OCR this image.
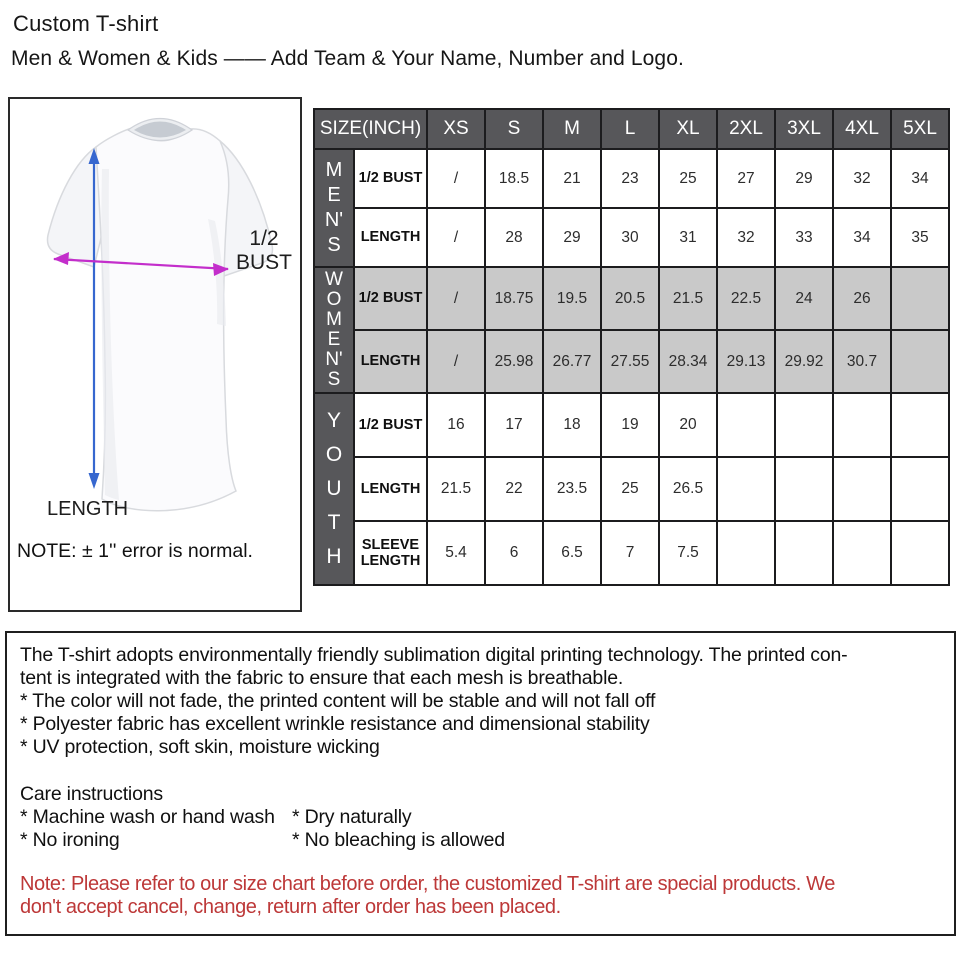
Custom T-shirt
Men & Women & Kids —— Add Team & Your Name, Number and Logo.
1/2
BUST
LENGTH
NOTE: ± 1'' error is normal.
SIZE(INCH)		XS	S	M	L	XL	2XL	3XL	4XL	5XL

M
E
N'
S	1/2 BUST	/	18.5	21	23	25	27	29	32	34
	LENGTH	/	28	29	30	31	32	33	34	35

W
O
M
E
N'
S
	1/2 BUST	/	18.75	19.5	20.5	21.5	22.5	24	26	
	LENGTH	/	25.98	26.77	27.55	28.34	29.13	29.92	30.7	

Y
O
U
T
H	1/2 BUST	16	17	18	19	20				
	LENGTH	21.5	22	23.5	25	26.5				
	SLEEVE LENGTH	5.4	6	6.5	7	7.5				
The T-shirt adopts environmentally friendly sublimation digital printing technology. The printed con-
tent is integrated with the fabric to ensure that each mesh is breathable.
* The color will not fade, the printed content will be stable and will not fall off
* Polyester fabric has excellent wrinkle resistance and dimensional stability
* UV protection, soft skin, moisture wicking
Care instructions
* Machine wash or hand wash
* No ironing
* Dry naturally
* No bleaching is allowed
Note: Please refer to our size chart before order, the customized T-shirt are special products. We
don't accept cancel, change, return after order has been placed.
